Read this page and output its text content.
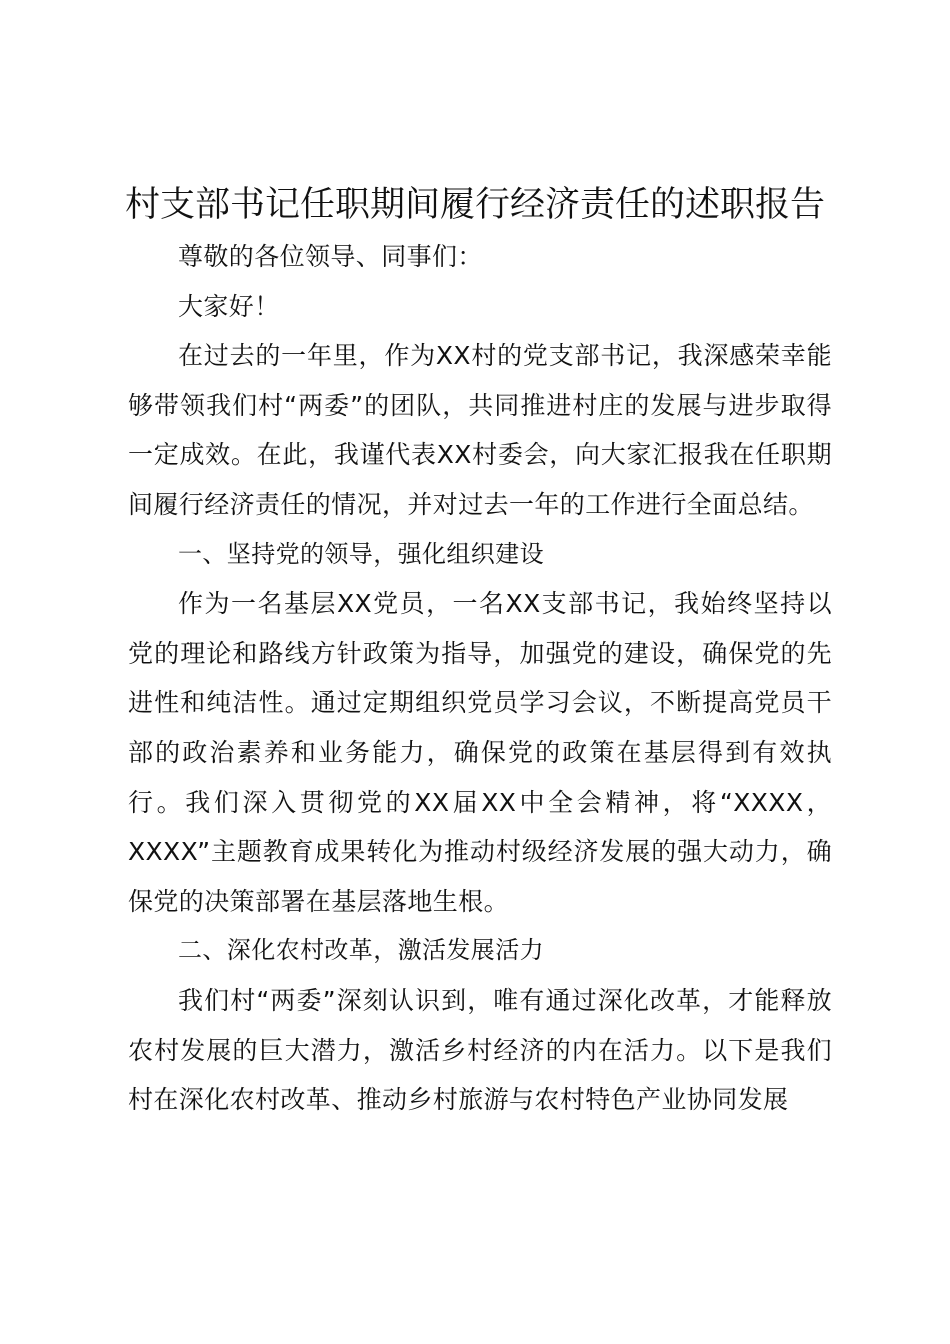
村支部书记任职期间履行经济责任的述职报告

尊敬的各位领导、同事们：

大家好！

在过去的一年里，作为XX村的党支部书记，我深感荣幸能够带领我们村“两委”的团队，共同推进村庄的发展与进步取得一定成效。在此，我谨代表XX村委会，向大家汇报我在任职期间履行经济责任的情况，并对过去一年的工作进行全面总结。

一、坚持党的领导，强化组织建设

作为一名基层XX党员，一名XX支部书记，我始终坚持以党的理论和路线方针政策为指导，加强党的建设，确保党的先进性和纯洁性。通过定期组织党员学习会议，不断提高党员干部的政治素养和业务能力，确保党的政策在基层得到有效执行。我们深入贯彻党的XX届XX中全会精神，将“XXXX，XXXX”主题教育成果转化为推动村级经济发展的强大动力，确保党的决策部署在基层落地生根。

二、深化农村改革，激活发展活力

我们村“两委”深刻认识到，唯有通过深化改革，才能释放农村发展的巨大潜力，激活乡村经济的内在活力。以下是我们村在深化农村改革、推动乡村旅游与农村特色产业协同发展
